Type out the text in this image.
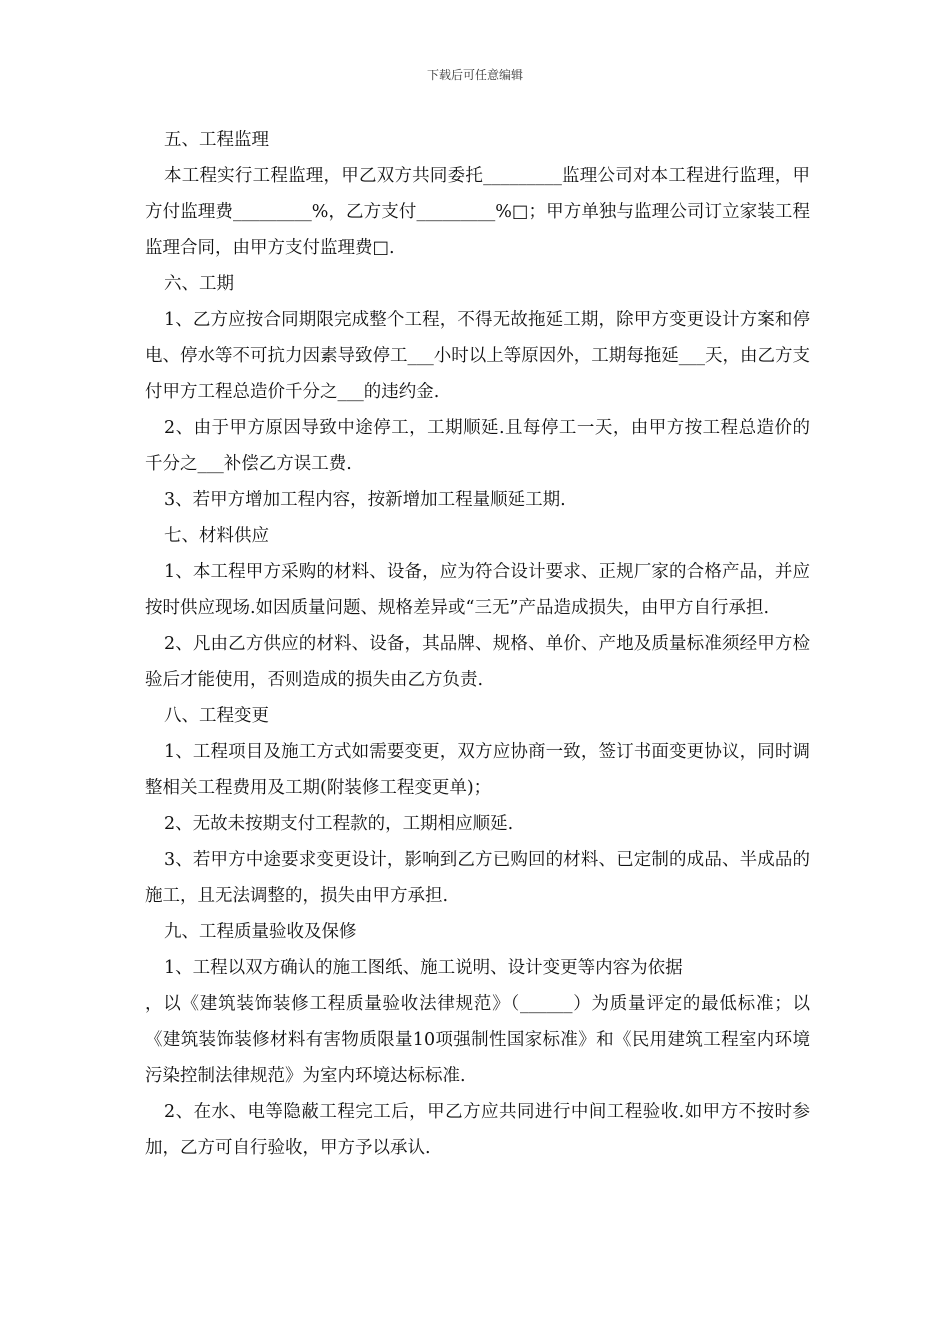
下载后可任意编辑

五、工程监理

本工程实行工程监理，甲乙双方共同委托_________监理公司对本工程进行监理，甲方付监理费_________%，乙方支付_________%□；甲方单独与监理公司订立家装工程监理合同，由甲方支付监理费□.

六、工期

1、乙方应按合同期限完成整个工程，不得无故拖延工期，除甲方变更设计方案和停电、停水等不可抗力因素导致停工___小时以上等原因外，工期每拖延___天，由乙方支付甲方工程总造价千分之___的违约金.

2、由于甲方原因导致中途停工，工期顺延.且每停工一天，由甲方按工程总造价的千分之___补偿乙方误工费.

3、若甲方增加工程内容，按新增加工程量顺延工期.

七、材料供应

1、本工程甲方采购的材料、设备，应为符合设计要求、正规厂家的合格产品，并应按时供应现场.如因质量问题、规格差异或“三无”产品造成损失，由甲方自行承担.

2、凡由乙方供应的材料、设备，其品牌、规格、单价、产地及质量标准须经甲方检验后才能使用，否则造成的损失由乙方负责.

八、工程变更

1、工程项目及施工方式如需要变更，双方应协商一致，签订书面变更协议，同时调整相关工程费用及工期(附装修工程变更单)；

2、无故未按期支付工程款的，工期相应顺延.

3、若甲方中途要求变更设计，影响到乙方已购回的材料、已定制的成品、半成品的施工，且无法调整的，损失由甲方承担.

九、工程质量验收及保修

1、工程以双方确认的施工图纸、施工说明、设计变更等内容为依据

，以《建筑装饰装修工程质量验收法律规范》（______）为质量评定的最低标准；以《建筑装饰装修材料有害物质限量10项强制性国家标准》和《民用建筑工程室内环境污染控制法律规范》为室内环境达标标准.

2、在水、电等隐蔽工程完工后，甲乙方应共同进行中间工程验收.如甲方不按时参加，乙方可自行验收，甲方予以承认.
